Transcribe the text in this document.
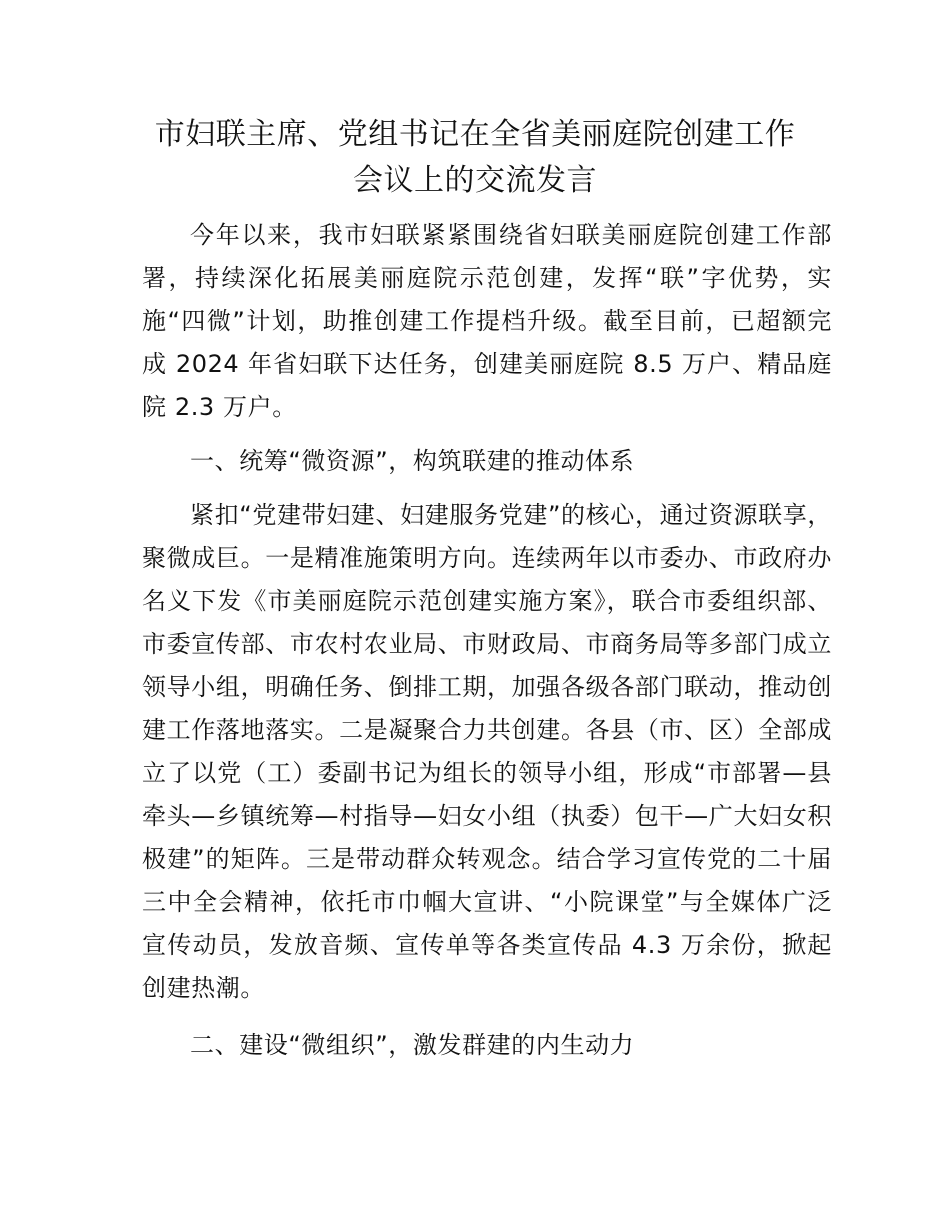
市妇联主席、党组书记在全省美丽庭院创建工作会议上的交流发言

今年以来，我市妇联紧紧围绕省妇联美丽庭院创建工作部署，持续深化拓展美丽庭院示范创建，发挥“联”字优势，实施“四微”计划，助推创建工作提档升级。截至目前，已超额完成 2024 年省妇联下达任务，创建美丽庭院 8.5 万户、精品庭院 2.3 万户。

一、统筹“微资源”，构筑联建的推动体系

紧扣“党建带妇建、妇建服务党建”的核心，通过资源联享，聚微成巨。一是精准施策明方向。连续两年以市委办、市政府办名义下发《市美丽庭院示范创建实施方案》，联合市委组织部、市委宣传部、市农村农业局、市财政局、市商务局等多部门成立领导小组，明确任务、倒排工期，加强各级各部门联动，推动创建工作落地落实。二是凝聚合力共创建。各县（市、区）全部成立了以党（工）委副书记为组长的领导小组，形成“市部署—县牵头—乡镇统筹—村指导—妇女小组（执委）包干—广大妇女积极建”的矩阵。三是带动群众转观念。结合学习宣传党的二十届三中全会精神，依托市巾帼大宣讲、“小院课堂”与全媒体广泛宣传动员，发放音频、宣传单等各类宣传品 4.3 万余份，掀起创建热潮。

二、建设“微组织”，激发群建的内生动力
